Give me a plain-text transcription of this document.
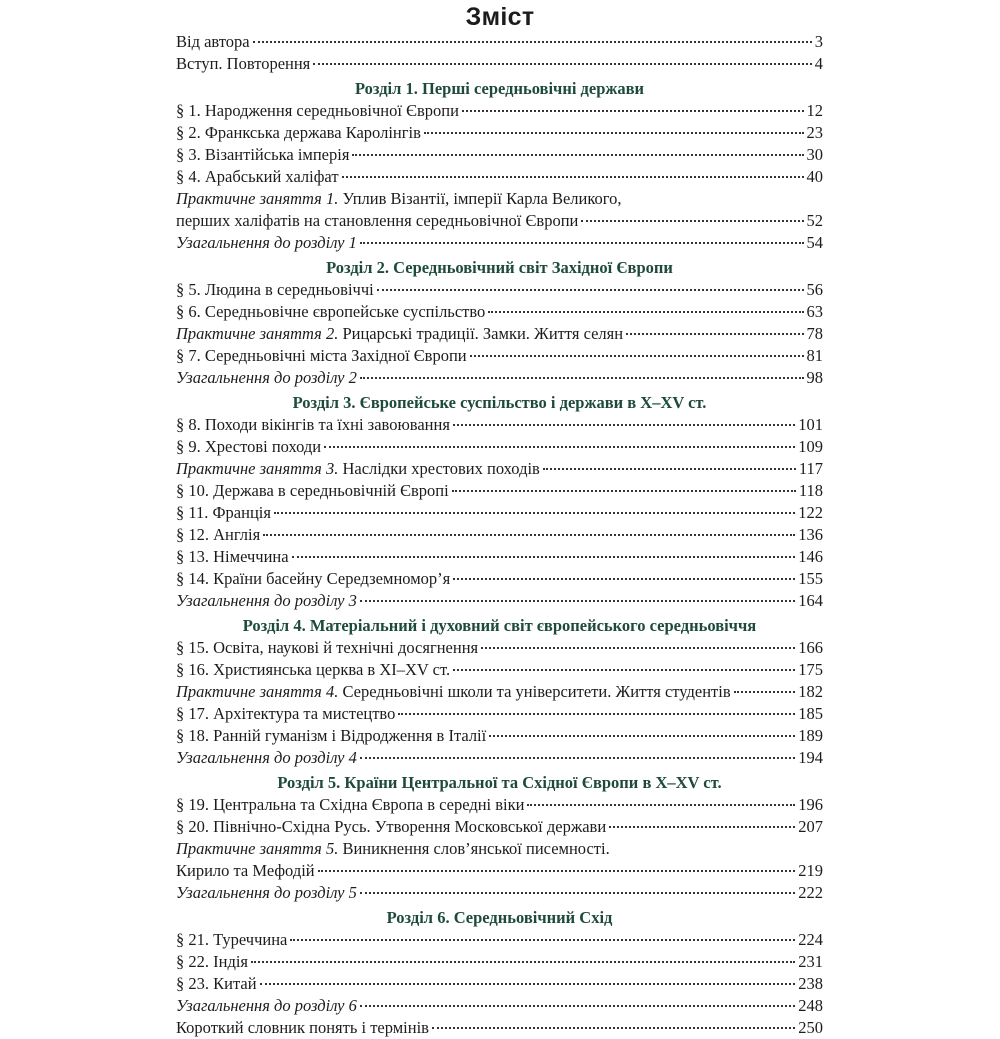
Зміст
Від автора	3
Вступ. Повторення	4
Розділ 1. Перші середньовічні держави
§ 1. Народження середньовічної Європи	12
§ 2. Франкська держава Каролінгів	23
§ 3. Візантійська імперія	30
§ 4. Арабський халіфат	40
Практичне заняття 1. Уплив Візантії, імперії Карла Великого,
перших халіфатів на становлення середньовічної Європи	52
Узагальнення до розділу 1	54
Розділ 2. Середньовічний світ Західної Європи
§ 5. Людина в середньовіччі	56
§ 6. Середньовічне європейське суспільство	63
Практичне заняття 2. Рицарські традиції. Замки. Життя селян	78
§ 7. Середньовічні міста Західної Європи	81
Узагальнення до розділу 2	98
Розділ 3. Європейське суспільство і держави в X–XV ст.
§ 8. Походи вікінгів та їхні завоювання	101
§ 9. Хрестові походи	109
Практичне заняття 3. Наслідки хрестових походів	117
§ 10. Держава в середньовічній Європі	118
§ 11. Франція	122
§ 12. Англія	136
§ 13. Німеччина	146
§ 14. Країни басейну Середземномор’я	155
Узагальнення до розділу 3	164
Розділ 4. Матеріальний і духовний світ європейського середньовіччя
§ 15. Освіта, наукові й технічні досягнення	166
§ 16. Християнська церква в XI–XV ст.	175
Практичне заняття 4. Середньовічні школи та університети. Життя студентів	182
§ 17. Архітектура та мистецтво	185
§ 18. Ранній гуманізм і Відродження в Італії	189
Узагальнення до розділу 4	194
Розділ 5. Країни Центральної та Східної Європи в X–XV ст.
§ 19. Центральна та Східна Європа в середні віки	196
§ 20. Північно-Східна Русь. Утворення Московської держави	207
Практичне заняття 5. Виникнення слов’янської писемності.
Кирило та Мефодій	219
Узагальнення до розділу 5	222
Розділ 6. Середньовічний Схід
§ 21. Туреччина	224
§ 22. Індія	231
§ 23. Китай	238
Узагальнення до розділу 6	248
Короткий словник понять і термінів	250
